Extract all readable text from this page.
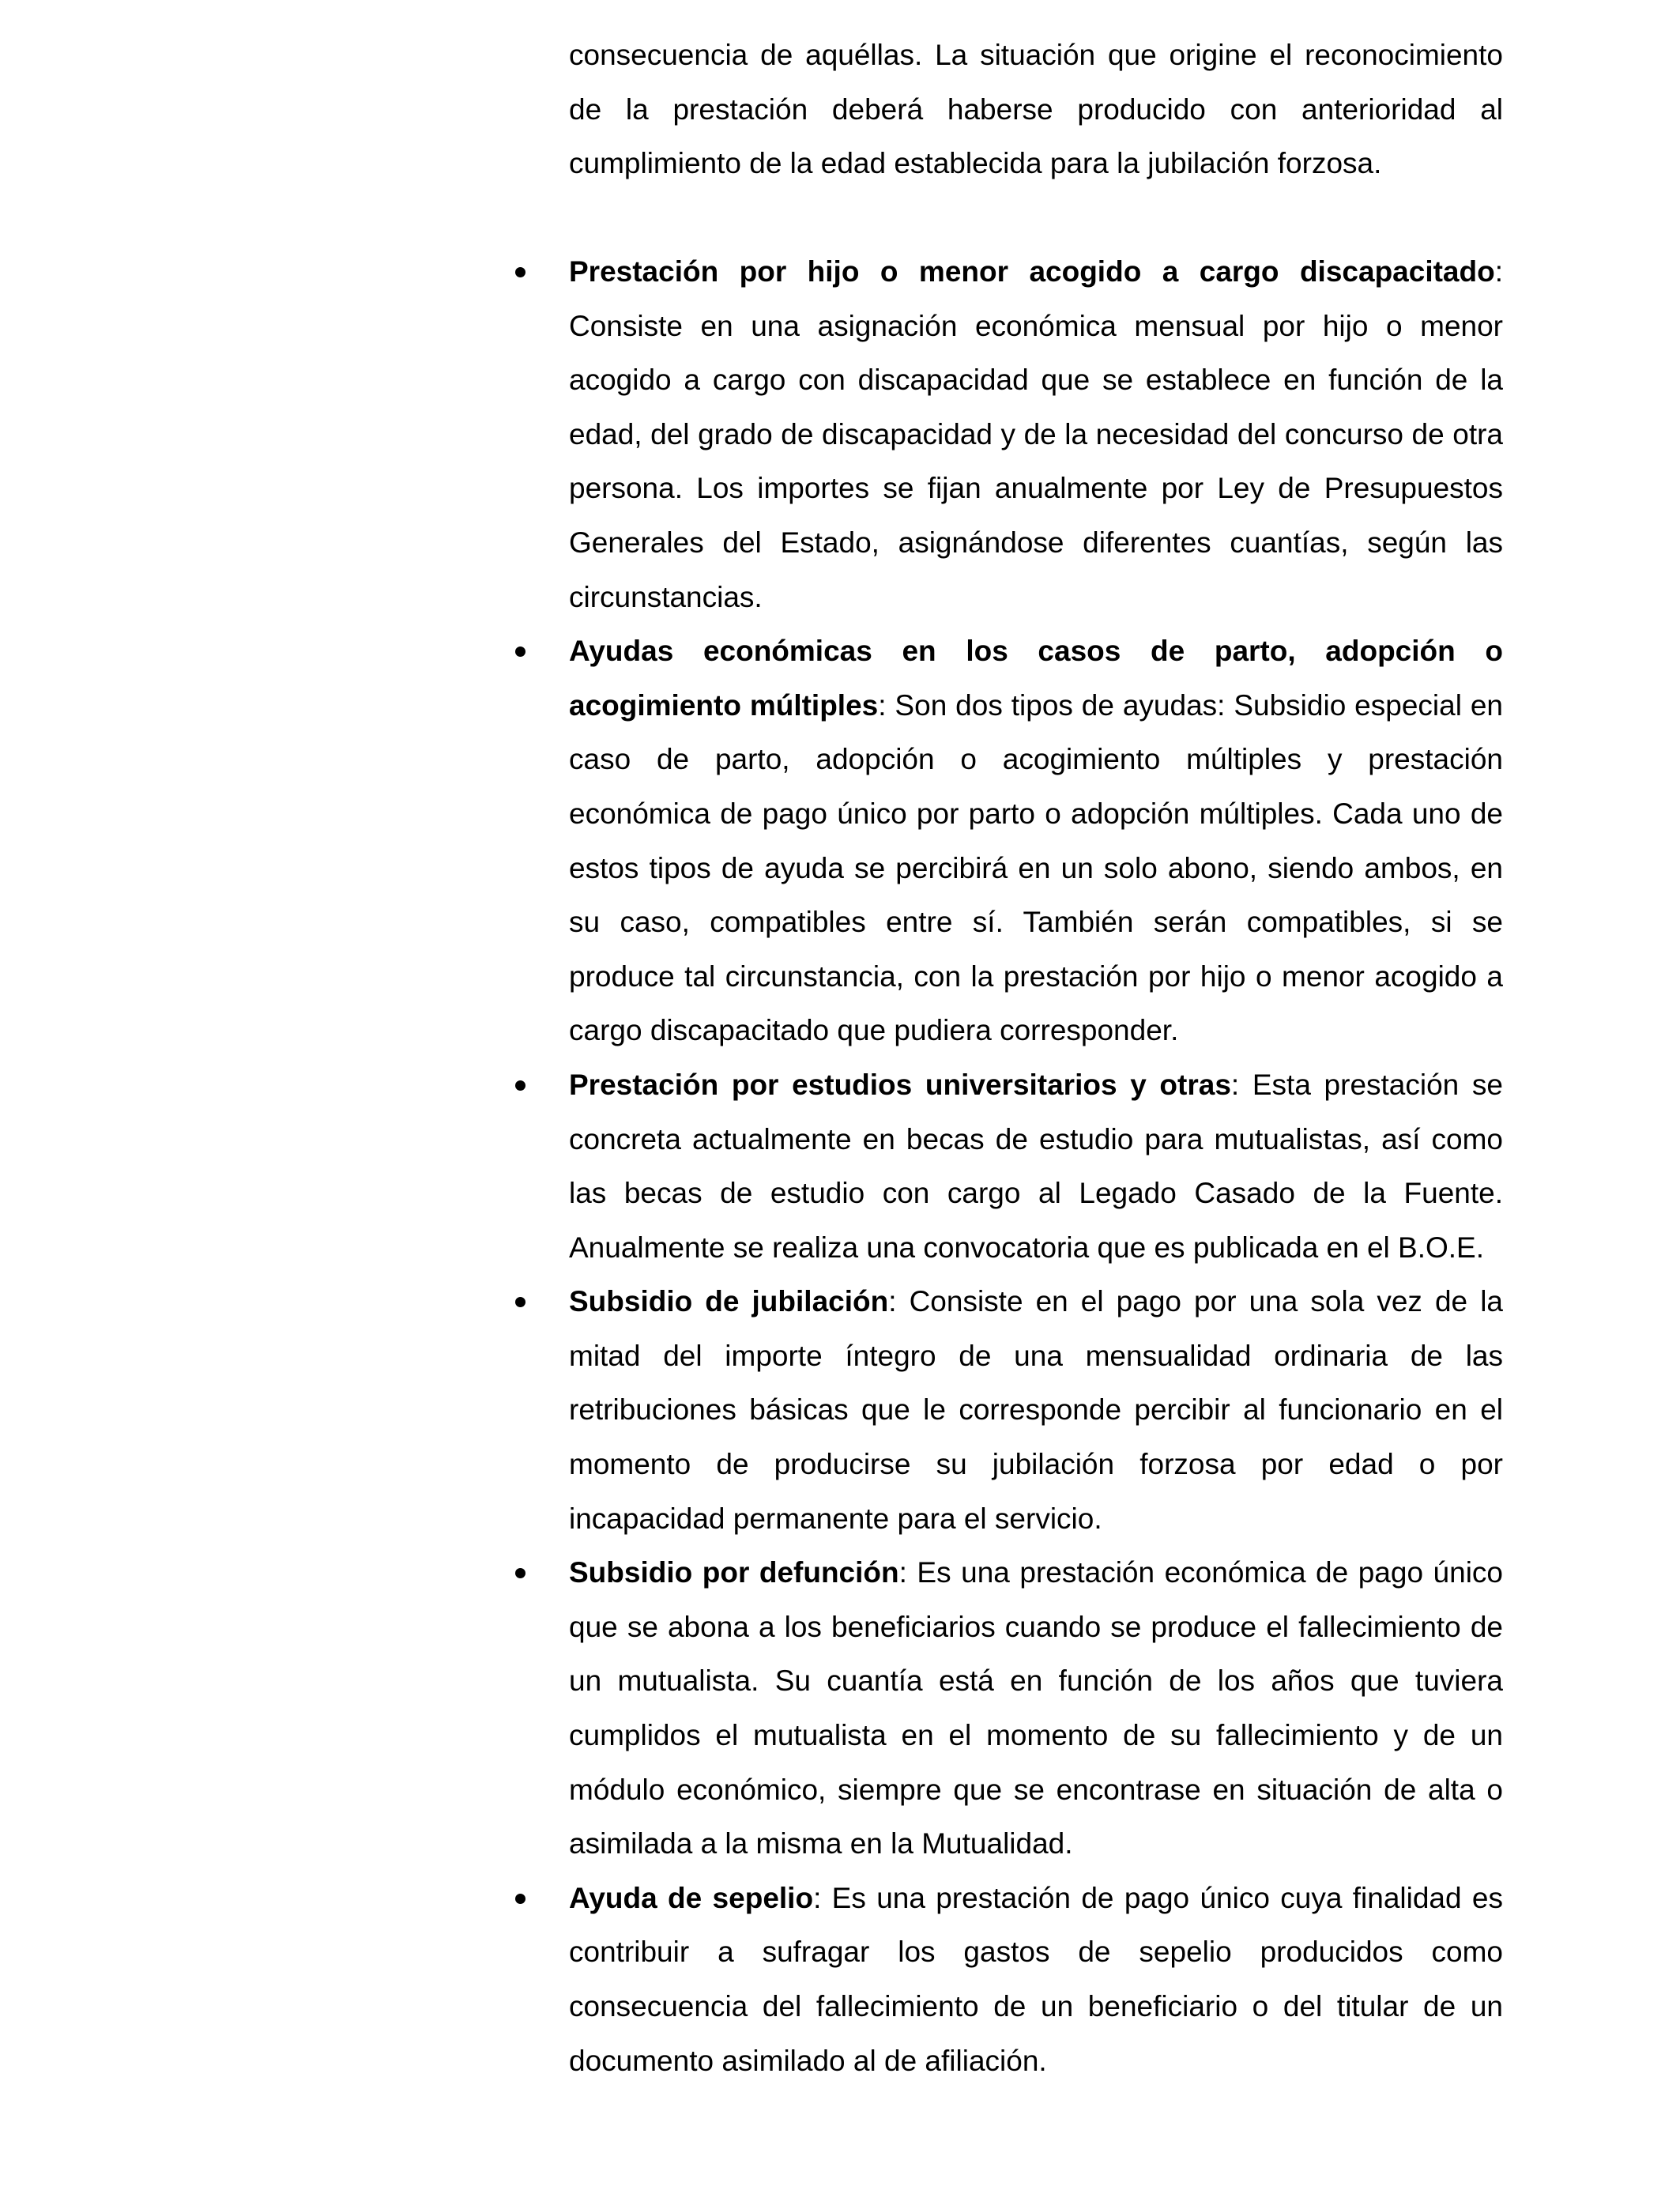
consecuencia de aquéllas. La situación que origine el reconocimiento de la prestación deberá haberse producido con anterioridad al cumplimiento de la edad establecida para la jubilación forzosa.

Prestación por hijo o menor acogido a cargo discapacitado: Consiste en una asignación económica mensual por hijo o menor acogido a cargo con discapacidad que se establece en función de la edad, del grado de discapacidad y de la necesidad del concurso de otra persona. Los importes se fijan anualmente por Ley de Presupuestos Generales del Estado, asignándose diferentes cuantías, según las circunstancias.
Ayudas económicas en los casos de parto, adopción o acogimiento múltiples: Son dos tipos de ayudas: Subsidio especial en caso de parto, adopción o acogimiento múltiples y prestación económica de pago único por parto o adopción múltiples. Cada uno de estos tipos de ayuda se percibirá en un solo abono, siendo ambos, en su caso, compatibles entre sí. También serán compatibles, si se produce tal circunstancia, con la prestación por hijo o menor acogido a cargo discapacitado que pudiera corresponder.
Prestación por estudios universitarios y otras: Esta prestación se concreta actualmente en becas de estudio para mutualistas, así como las becas de estudio con cargo al Legado Casado de la Fuente. Anualmente se realiza una convocatoria que es publicada en el B.O.E.
Subsidio de jubilación: Consiste en el pago por una sola vez de la mitad del importe íntegro de una mensualidad ordinaria de las retribuciones básicas que le corresponde percibir al funcionario en el momento de producirse su jubilación forzosa por edad o por incapacidad permanente para el servicio.
Subsidio por defunción: Es una prestación económica de pago único que se abona a los beneficiarios cuando se produce el fallecimiento de un mutualista. Su cuantía está en función de los años que tuviera cumplidos el mutualista en el momento de su fallecimiento y de un módulo económico, siempre que se encontrase en situación de alta o asimilada a la misma en la Mutualidad.
Ayuda de sepelio: Es una prestación de pago único cuya finalidad es contribuir a sufragar los gastos de sepelio producidos como consecuencia del fallecimiento de un beneficiario o del titular de un documento asimilado al de afiliación.
